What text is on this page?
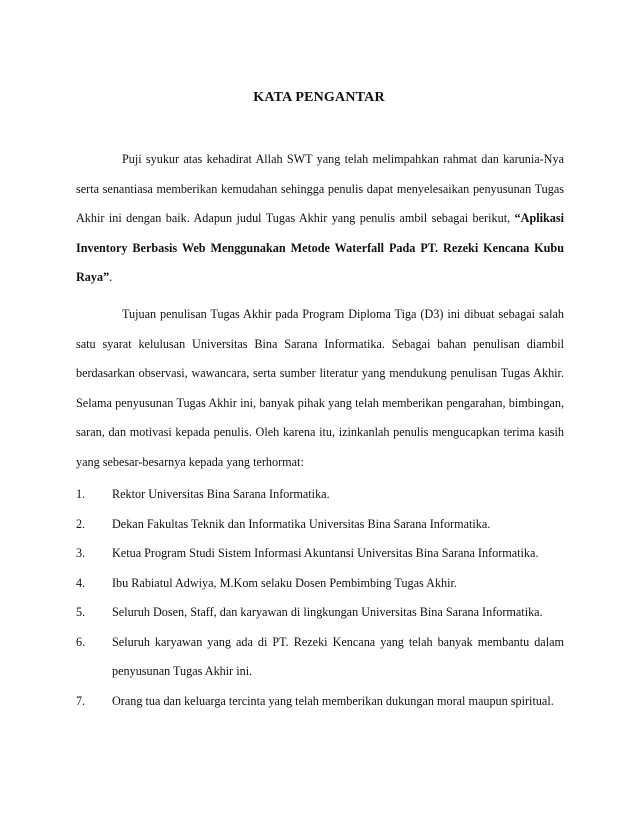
KATA PENGANTAR
Puji syukur atas kehadirat Allah SWT yang telah melimpahkan rahmat dan karunia-Nya serta senantiasa memberikan kemudahan sehingga penulis dapat menyelesaikan penyusunan Tugas Akhir ini dengan baik. Adapun judul Tugas Akhir yang penulis ambil sebagai berikut, “Aplikasi Inventory Berbasis Web Menggunakan Metode Waterfall Pada PT. Rezeki Kencana Kubu Raya”.
Tujuan penulisan Tugas Akhir pada Program Diploma Tiga (D3) ini dibuat sebagai salah satu syarat kelulusan Universitas Bina Sarana Informatika. Sebagai bahan penulisan diambil berdasarkan observasi, wawancara, serta sumber literatur yang mendukung penulisan Tugas Akhir. Selama penyusunan Tugas Akhir ini, banyak pihak yang telah memberikan pengarahan, bimbingan, saran, dan motivasi kepada penulis. Oleh karena itu, izinkanlah penulis mengucapkan terima kasih yang sebesar-besarnya kepada yang terhormat:
1. Rektor Universitas Bina Sarana Informatika.
2. Dekan Fakultas Teknik dan Informatika Universitas Bina Sarana Informatika.
3. Ketua Program Studi Sistem Informasi Akuntansi Universitas Bina Sarana Informatika.
4. Ibu Rabiatul Adwiya, M.Kom selaku Dosen Pembimbing Tugas Akhir.
5. Seluruh Dosen, Staff, dan karyawan di lingkungan Universitas Bina Sarana Informatika.
6. Seluruh karyawan yang ada di PT. Rezeki Kencana yang telah banyak membantu dalam penyusunan Tugas Akhir ini.
7. Orang tua dan keluarga tercinta yang telah memberikan dukungan moral maupun spiritual.
